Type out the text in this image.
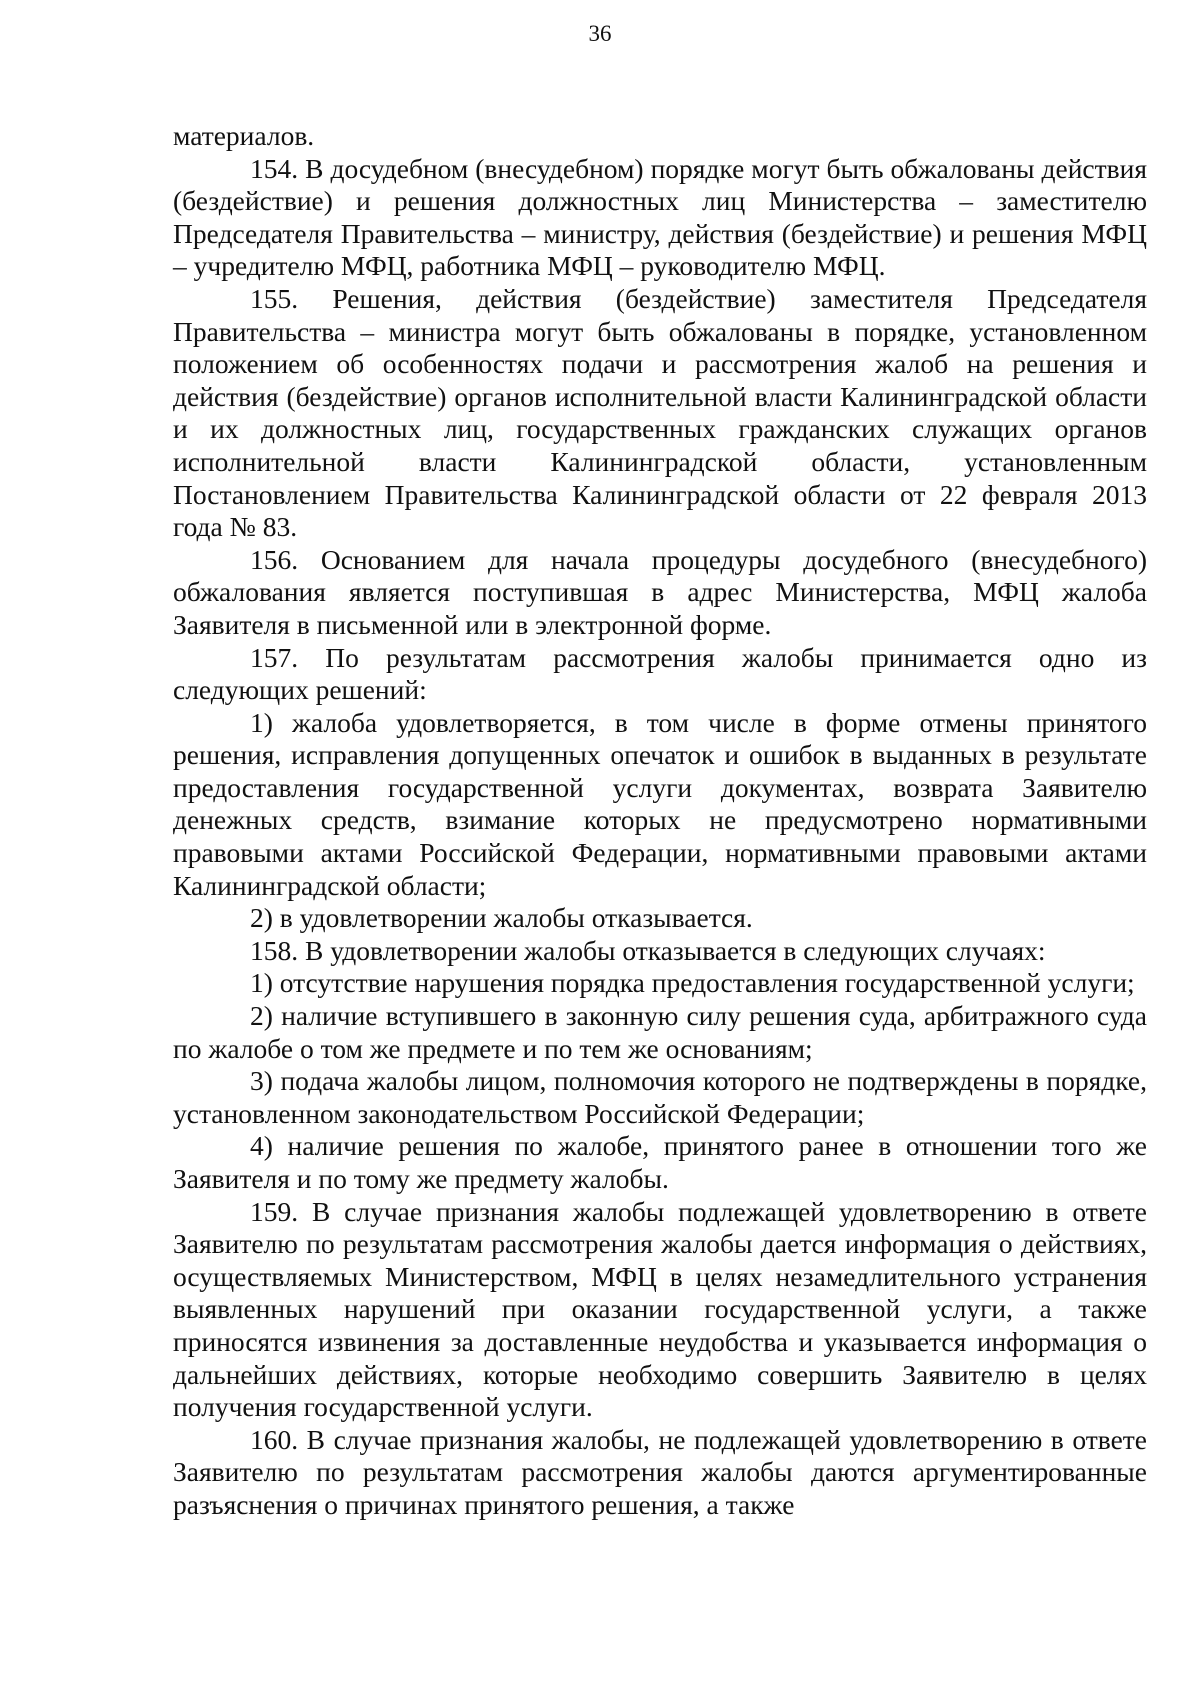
36

материалов.

154. В досудебном (внесудебном) порядке могут быть обжалованы действия (бездействие) и решения должностных лиц Министерства – заместителю Председателя Правительства – министру, действия (бездействие) и решения МФЦ – учредителю МФЦ, работника МФЦ – руководителю МФЦ.

155. Решения, действия (бездействие) заместителя Председателя Правительства – министра могут быть обжалованы в порядке, установленном положением об особенностях подачи и рассмотрения жалоб на решения и действия (бездействие) органов исполнительной власти Калининградской области и их должностных лиц, государственных гражданских служащих органов исполнительной власти Калининградской области, установленным Постановлением Правительства Калининградской области от 22 февраля 2013 года № 83.

156. Основанием для начала процедуры досудебного (внесудебного) обжалования является поступившая в адрес Министерства, МФЦ жалоба Заявителя в письменной или в электронной форме.

157. По результатам рассмотрения жалобы принимается одно из следующих решений:

1) жалоба удовлетворяется, в том числе в форме отмены принятого решения, исправления допущенных опечаток и ошибок в выданных в результате предоставления государственной услуги документах, возврата Заявителю денежных средств, взимание которых не предусмотрено нормативными правовыми актами Российской Федерации, нормативными правовыми актами Калининградской области;

2) в удовлетворении жалобы отказывается.

158. В удовлетворении жалобы отказывается в следующих случаях:

1) отсутствие нарушения порядка предоставления государственной услуги;

2) наличие вступившего в законную силу решения суда, арбитражного суда по жалобе о том же предмете и по тем же основаниям;

3) подача жалобы лицом, полномочия которого не подтверждены в порядке, установленном законодательством Российской Федерации;

4) наличие решения по жалобе, принятого ранее в отношении того же Заявителя и по тому же предмету жалобы.

159. В случае признания жалобы подлежащей удовлетворению в ответе Заявителю по результатам рассмотрения жалобы дается информация о действиях, осуществляемых Министерством, МФЦ в целях незамедлительного устранения выявленных нарушений при оказании государственной услуги, а также приносятся извинения за доставленные неудобства и указывается информация о дальнейших действиях, которые необходимо совершить Заявителю в целях получения государственной услуги.

160. В случае признания жалобы, не подлежащей удовлетворению в ответе Заявителю по результатам рассмотрения жалобы даются аргументированные разъяснения о причинах принятого решения, а также
